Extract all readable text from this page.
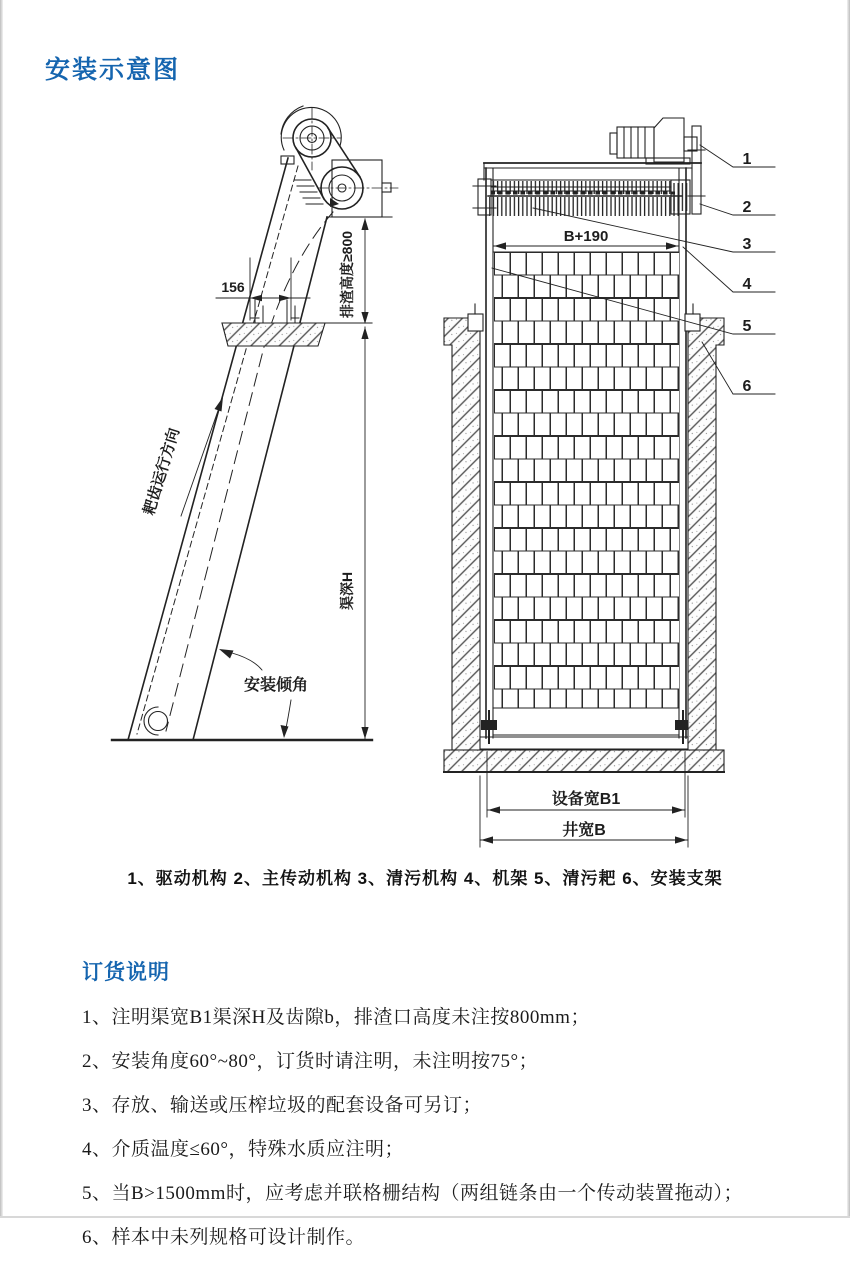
安装示意图
156	排渣高度≥800
渠深H
耙齿运行方向
安装倾角
B+190
设备宽B1
井宽B
1
2
3
4
5
6
1、驱动机构 2、主传动机构 3、清污机构 4、机架 5、清污耙 6、安装支架
订货说明
1、注明渠宽B1渠深H及齿隙b，排渣口高度未注按800mm；
2、安装角度60°~80°，订货时请注明，未注明按75°；
3、存放、输送或压榨垃圾的配套设备可另订；
4、介质温度≤60°，特殊水质应注明；
5、当B>1500mm时，应考虑并联格栅结构（两组链条由一个传动装置拖动）；
6、样本中未列规格可设计制作。
